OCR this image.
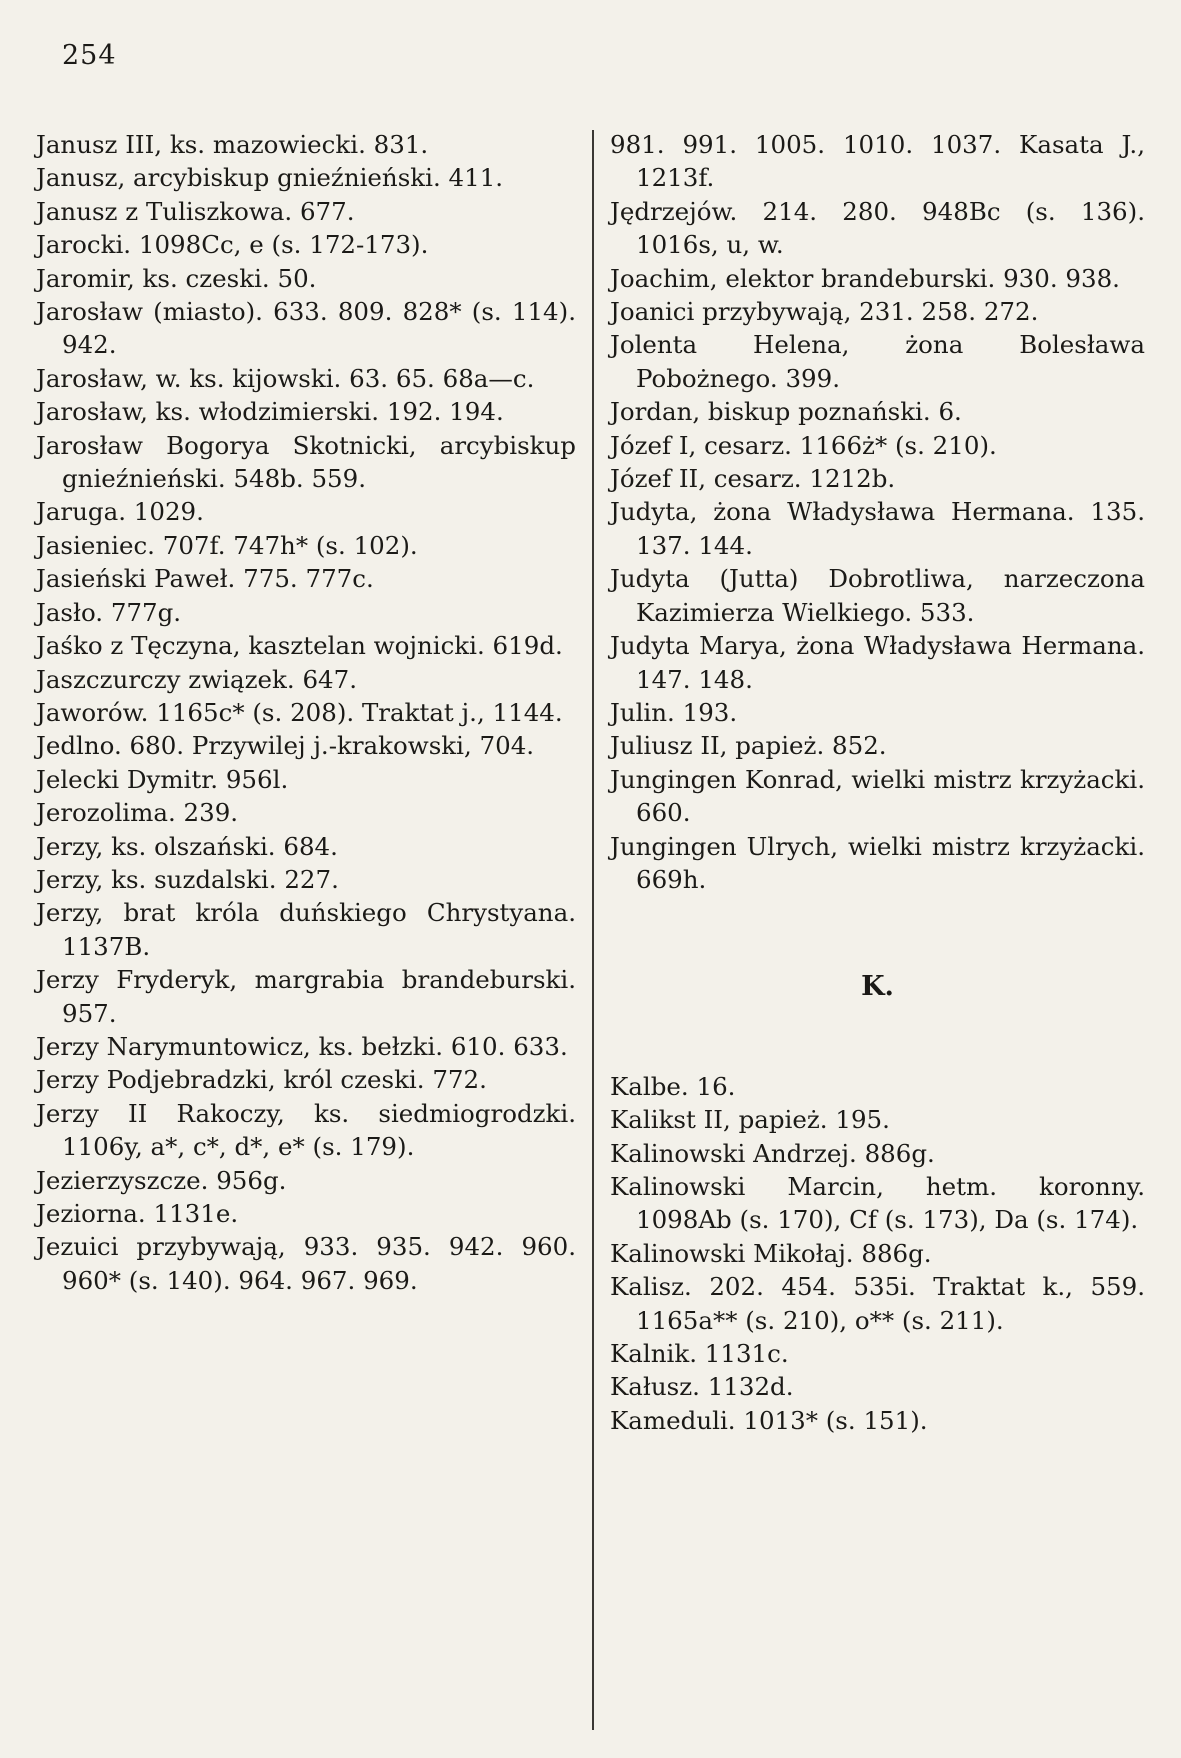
254
Janusz III, ks. mazowiecki. 831.
Janusz, arcybiskup gnieźnieński. 411.
Janusz z Tuliszkowa. 677.
Jarocki. 1098Cc, e (s. 172-173).
Jaromir, ks. czeski. 50.
Jarosław (miasto). 633. 809. 828* (s. 114). 942.
Jarosław, w. ks. kijowski. 63. 65. 68a—c.
Jarosław, ks. włodzimierski. 192. 194.
Jarosław Bogorya Skotnicki, arcybiskup gnieźnieński. 548b. 559.
Jaruga. 1029.
Jasieniec. 707f. 747h* (s. 102).
Jasieński Paweł. 775. 777c.
Jasło. 777g.
Jaśko z Tęczyna, kasztelan wojnicki. 619d.
Jaszczurczy związek. 647.
Jaworów. 1165c* (s. 208). Traktat j., 1144.
Jedlno. 680. Przywilej j.-krakowski, 704.
Jelecki Dymitr. 956l.
Jerozolima. 239.
Jerzy, ks. olszański. 684.
Jerzy, ks. suzdalski. 227.
Jerzy, brat króla duńskiego Chrystyana. 1137B.
Jerzy Fryderyk, margrabia brandeburski. 957.
Jerzy Narymuntowicz, ks. bełzki. 610. 633.
Jerzy Podjebradzki, król czeski. 772.
Jerzy II Rakoczy, ks. siedmiogrodzki. 1106y, a*, c*, d*, e* (s. 179).
Jezierzyszcze. 956g.
Jeziorna. 1131e.
Jezuici przybywają, 933. 935. 942. 960. 960* (s. 140). 964. 967. 969.
981. 991. 1005. 1010. 1037. Kasata J., 1213f.
Jędrzejów. 214. 280. 948Bc (s. 136). 1016s, u, w.
Joachim, elektor brandeburski. 930. 938.
Joanici przybywają, 231. 258. 272.
Jolenta Helena, żona Bolesława Pobożnego. 399.
Jordan, biskup poznański. 6.
Józef I, cesarz. 1166ż* (s. 210).
Józef II, cesarz. 1212b.
Judyta, żona Władysława Hermana. 135. 137. 144.
Judyta (Jutta) Dobrotliwa, narzeczona Kazimierza Wielkiego. 533.
Judyta Marya, żona Władysława Hermana. 147. 148.
Julin. 193.
Juliusz II, papież. 852.
Jungingen Konrad, wielki mistrz krzyżacki. 660.
Jungingen Ulrych, wielki mistrz krzyżacki. 669h.
K.
Kalbe. 16.
Kalikst II, papież. 195.
Kalinowski Andrzej. 886g.
Kalinowski Marcin, hetm. koronny. 1098Ab (s. 170), Cf (s. 173), Da (s. 174).
Kalinowski Mikołaj. 886g.
Kalisz. 202. 454. 535i. Traktat k., 559. 1165a** (s. 210), o** (s. 211).
Kalnik. 1131c.
Kałusz. 1132d.
Kameduli. 1013* (s. 151).
